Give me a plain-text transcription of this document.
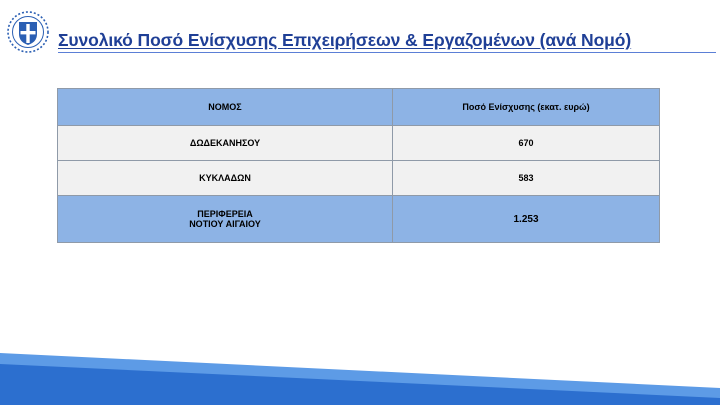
Συνολικό Ποσό Ενίσχυσης Επιχειρήσεων & Εργαζομένων (ανά Νομό)
ΝΟΜΟΣ	Ποσό Ενίσχυσης (εκατ. ευρώ)
ΔΩΔΕΚΑΝΗΣΟΥ	670
ΚΥΚΛΑΔΩΝ	583
ΠΕΡΙΦΕΡΕΙΑ
ΝΟΤΙΟΥ ΑΙΓΑΙΟΥ	1.253
